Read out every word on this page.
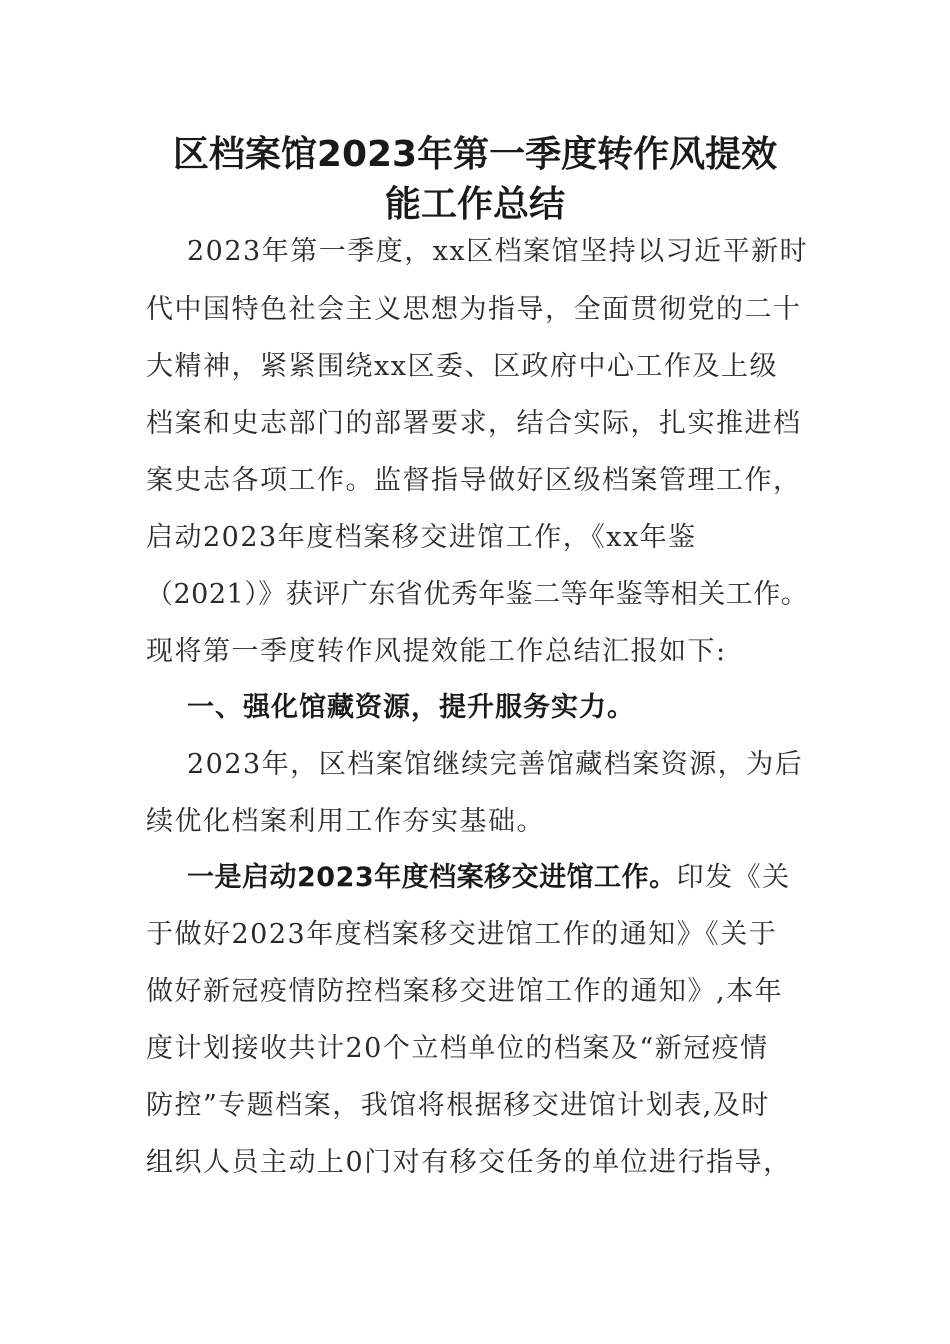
区档案馆2023年第一季度转作风提效
能工作总结

2023年第一季度，xx区档案馆坚持以习近平新时

代中国特色社会主义思想为指导，全面贯彻党的二十

大精神，紧紧围绕xx区委、区政府中心工作及上级

档案和史志部门的部署要求，结合实际，扎实推进档

案史志各项工作。监督指导做好区级档案管理工作，

启动2023年度档案移交进馆工作，《xx年鉴

（2021）》获评广东省优秀年鉴二等年鉴等相关工作。

现将第一季度转作风提效能工作总结汇报如下:

一、强化馆藏资源，提升服务实力。

2023年，区档案馆继续完善馆藏档案资源，为后

续优化档案利用工作夯实基础。

一是启动2023年度档案移交进馆工作。印发《关

于做好2023年度档案移交进馆工作的通知》《关于

做好新冠疫情防控档案移交进馆工作的通知》,本年

度计划接收共计20个立档单位的档案及“新冠疫情

防控”专题档案，我馆将根据移交进馆计划表,及时

组织人员主动上0门对有移交任务的单位进行指导，
